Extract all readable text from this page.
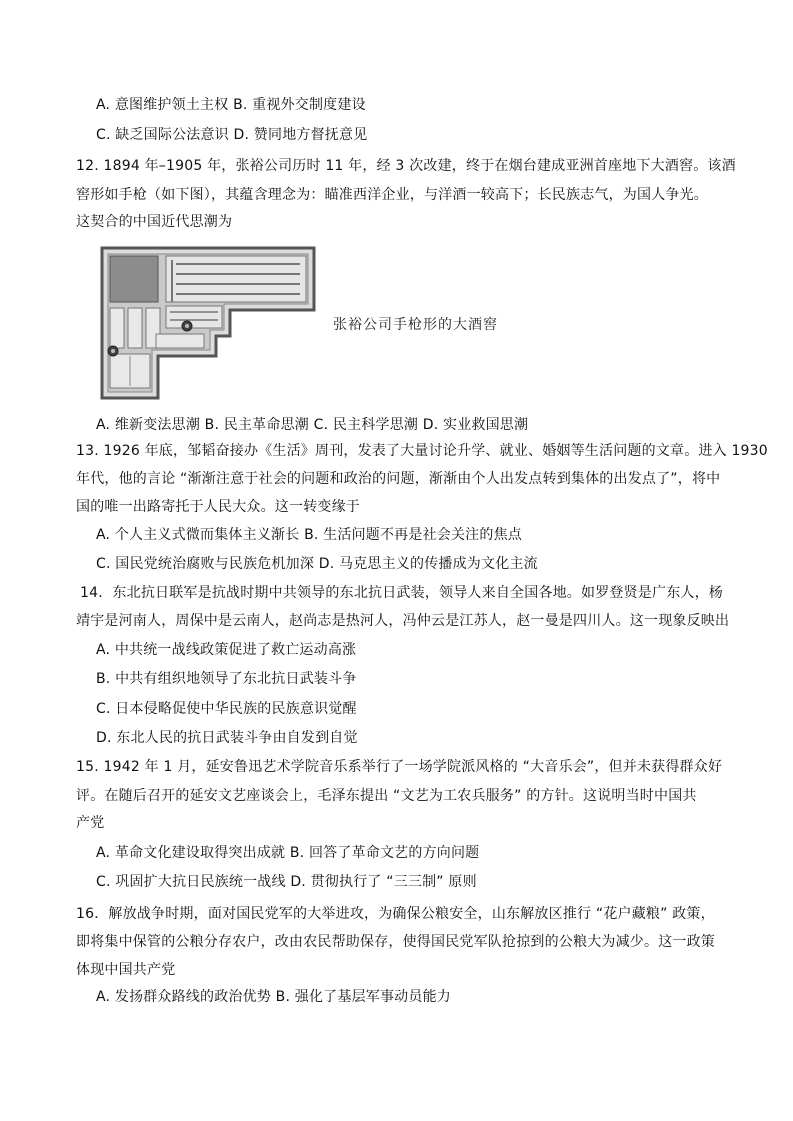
A. 意图维护领土主权 B. 重视外交制度建设
C. 缺乏国际公法意识 D. 赞同地方督抚意见
12. 1894 年–1905 年，张裕公司历时 11 年，经 3 次改建，终于在烟台建成亚洲首座地下大酒窖。该酒
窖形如手枪（如下图），其蕴含理念为：瞄准西洋企业，与洋酒一较高下；长民族志气，为国人争光。
这契合的中国近代思潮为
张裕公司手枪形的大酒窖
A. 维新变法思潮 B. 民主革命思潮 C. 民主科学思潮 D. 实业救国思潮
13. 1926 年底，邹韬奋接办《生活》周刊，发表了大量讨论升学、就业、婚姻等生活问题的文章。进入 1930
年代，他的言论 “渐渐注意于社会的问题和政治的问题，渐渐由个人出发点转到集体的出发点了”，将中
国的唯一出路寄托于人民大众。这一转变缘于
A. 个人主义式微而集体主义渐长 B. 生活问题不再是社会关注的焦点
C. 国民党统治腐败与民族危机加深 D. 马克思主义的传播成为文化主流
14．东北抗日联军是抗战时期中共领导的东北抗日武装，领导人来自全国各地。如罗登贤是广东人，杨
靖宇是河南人，周保中是云南人，赵尚志是热河人，冯仲云是江苏人，赵一曼是四川人。这一现象反映出
A. 中共统一战线政策促进了救亡运动高涨
B. 中共有组织地领导了东北抗日武装斗争
C. 日本侵略促使中华民族的民族意识觉醒
D. 东北人民的抗日武装斗争由自发到自觉
15. 1942 年 1 月，延安鲁迅艺术学院音乐系举行了一场学院派风格的 “大音乐会”，但并未获得群众好
评。在随后召开的延安文艺座谈会上，毛泽东提出 “文艺为工农兵服务” 的方针。这说明当时中国共
产党
A. 革命文化建设取得突出成就 B. 回答了革命文艺的方向问题
C. 巩固扩大抗日民族统一战线 D. 贯彻执行了 “三三制” 原则
16．解放战争时期，面对国民党军的大举进攻，为确保公粮安全，山东解放区推行 “花户藏粮” 政策，
即将集中保管的公粮分存农户，改由农民帮助保存，使得国民党军队抢掠到的公粮大为减少。这一政策
体现中国共产党
A. 发扬群众路线的政治优势 B. 强化了基层军事动员能力
